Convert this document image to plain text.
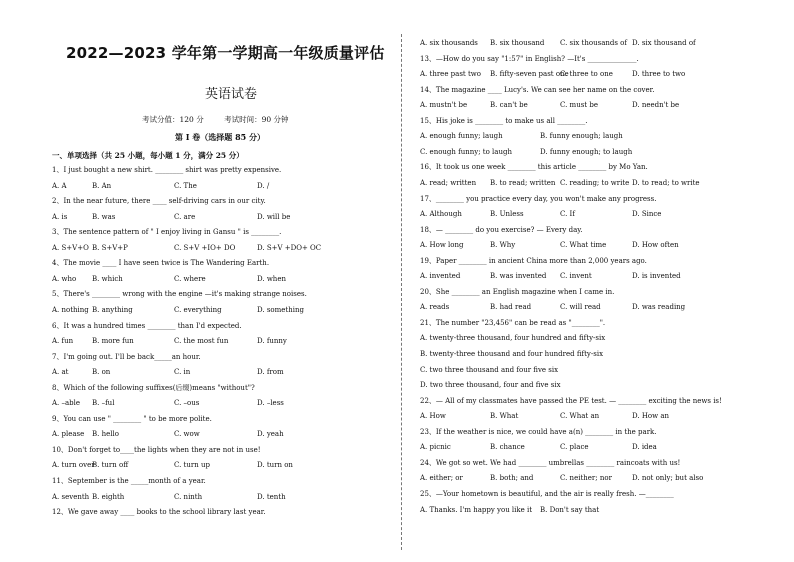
2022—2023 学年第一学期高一年级质量评估
英语试卷
考试分值：120 分	考试时间：90 分钟
第 I 卷（选择题 85 分）
一、单项选择（共 25 小题，每小题 1 分，满分 25 分）
1、I just bought a new shirt. ________ shirt was pretty expensive.
A. A	B. An	C. The	D. /
2、In the near future, there ____ self-driving cars in our city.
A. is	B. was	C. are	D. will be
3、The sentence pattern of " I enjoy living in Gansu " is ________.
A. S+V+O B. S+V+P	C. S+V +IO+ DO	D. S+V +DO+ OC
4、The movie ____ I have seen twice is The Wandering Earth.
A. who B. which	C. where	D. when
5、There's ________ wrong with the engine —it's making strange noises.
A. nothing B. anything	C. everything	D. something
6、It was a hundred times ________ than I'd expected.
A. fun	B. more fun	C. the most fun	D. funny
7、I'm going out. I'll be back_____an hour.
A. at	B. on	C. in	D. from
8、Which of the following suffixes(后缀)means "without"?
A. –able B. –ful	C. –ous	D. –less
9、You can use " ________ " to be more polite.
A. please B. hello	C. wow	D. yeah
10、Don't forget to____the lights when they are not in use!
A. turn over
B. turn off	C. turn up	D. turn on
11、September is the _____month of a year.
A. seventh B. eighth	C. ninth	D. tenth
12、We gave away ____ books to the school library last year.
A. six thousands B. six thousand C. six thousands of D. six thousand of
13、—How do you say "1:57" in English? —It's ______________.
A. three past two B. fifty-seven past one
C. three to one	D. three to two
14、The magazine ____ Lucy's. We can see her name on the cover.
A. mustn't be	B. can't be	C. must be	D. needn't be
15、His joke is ________ to make us all ________.
A. enough funny; laugh	B. funny enough; laugh
C. enough funny; to laugh	D. funny enough; to laugh
16、It took us one week ________ this article ________ by Mo Yan.
A. read; written B. to read; written C. reading; to write D. to read; to write
17、________ you practice every day, you won't make any progress.
A. Although	B. Unless	C. If	D. Since
18、— ________ do you exercise? — Every day.
A. How long	B. Why	C. What time	D. How often
19、Paper ________ in ancient China more than 2,000 years ago.
A. invented	B. was invented C. invent	D. is invented
20、She ________ an English magazine when I came in.
A. reads	B. had read	C. will read	D. was reading
21、The number "23,456" can be read as "________".
A. twenty-three thousand, four hundred and fifty-six
B. twenty-three thousand and four hundred fifty-six
C. two three thousand and four five six
D. two three thousand, four and five six
22、— All of my classmates have passed the PE test. — ________ exciting the news is!
A. How	B. What	C. What an	D. How an
23、If the weather is nice, we could have a(n) ________ in the park.
A. picnic	B. chance	C. place	D. idea
24、We got so wet. We had ________ umbrellas ________ raincoats with us!
A. either; or	B. both; and	C. neither; nor	D. not only; but also
25、—Your hometown is beautiful, and the air is really fresh. —________
A. Thanks. I'm happy you like it B. Don't say that
